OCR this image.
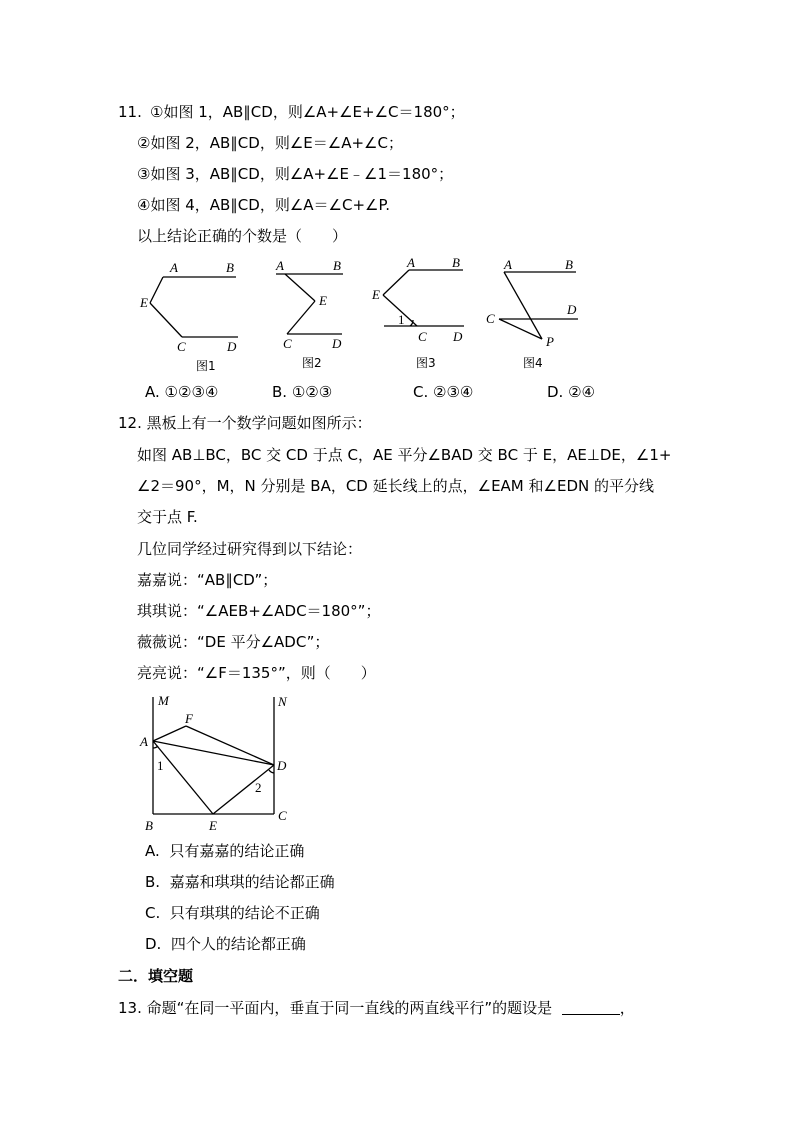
11. ①如图 1，AB∥CD，则∠A+∠E+∠C＝180°；
②如图 2，AB∥CD，则∠E＝∠A+∠C；
③如图 3，AB∥CD，则∠A+∠E﹣∠1＝180°；
④如图 4，AB∥CD，则∠A＝∠C+∠P.
以上结论正确的个数是（　　）
A	B
E
C	D
图1
A	B
E
C	D
图2
A	B
E
1
C D
图3
A	B
C
D
P
图4
A. ①②③④	B. ①②③	C. ②③④	D. ②④
12. 黑板上有一个数学问题如图所示：
如图 AB⊥BC，BC 交 CD 于点 C，AE 平分∠BAD 交 BC 于 E，AE⊥DE，∠1+
∠2＝90°，M，N 分别是 BA，CD 延长线上的点，∠EAM 和∠EDN 的平分线
交于点 F.
几位同学经过研究得到以下结论：
嘉嘉说：“AB∥CD”；
琪琪说：“∠AEB+∠ADC＝180°”；
薇薇说：“DE 平分∠ADC”；
亮亮说：“∠F＝135°”，则（　　）
M	N
F
A
D
1
2
B	E
C
A. 只有嘉嘉的结论正确
B. 嘉嘉和琪琪的结论都正确
C. 只有琪琪的结论不正确
D. 四个人的结论都正确
二．填空题
13. 命题“在同一平面内，垂直于同一直线的两直线平行”的题设是	，
